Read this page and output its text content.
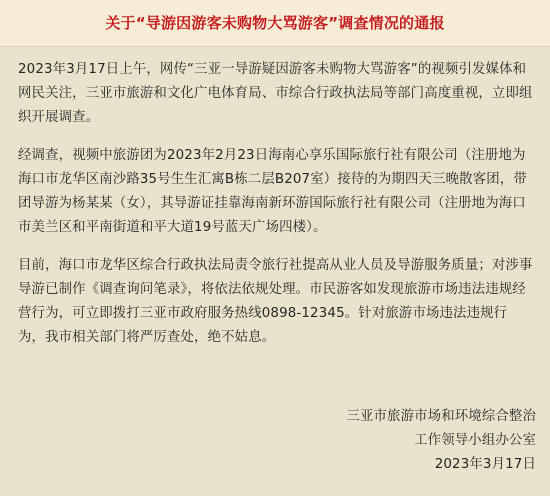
关于“导游因游客未购物大骂游客”调查情况的通报

2023年3月17日上午，网传“三亚一导游疑因游客未购物大骂游客”的视频引发媒体和网民关注，三亚市旅游和文化广电体育局、市综合行政执法局等部门高度重视，立即组织开展调查。

经调查，视频中旅游团为2023年2月23日海南心享乐国际旅行社有限公司（注册地为海口市龙华区南沙路35号生生汇寓B栋二层B207室）接待的为期四天三晚散客团，带团导游为杨某某（女），其导游证挂靠海南新环游国际旅行社有限公司（注册地为海口市美兰区和平南街道和平大道19号蓝天广场四楼）。

目前，海口市龙华区综合行政执法局责令旅行社提高从业人员及导游服务质量；对涉事导游已制作《调查询问笔录》，将依法依规处理。市民游客如发现旅游市场违法违规经营行为，可立即拨打三亚市政府服务热线0898-12345。针对旅游市场违法违规行为，我市相关部门将严厉查处，绝不姑息。

三亚市旅游市场和环境综合整治
工作领导小组办公室
2023年3月17日
